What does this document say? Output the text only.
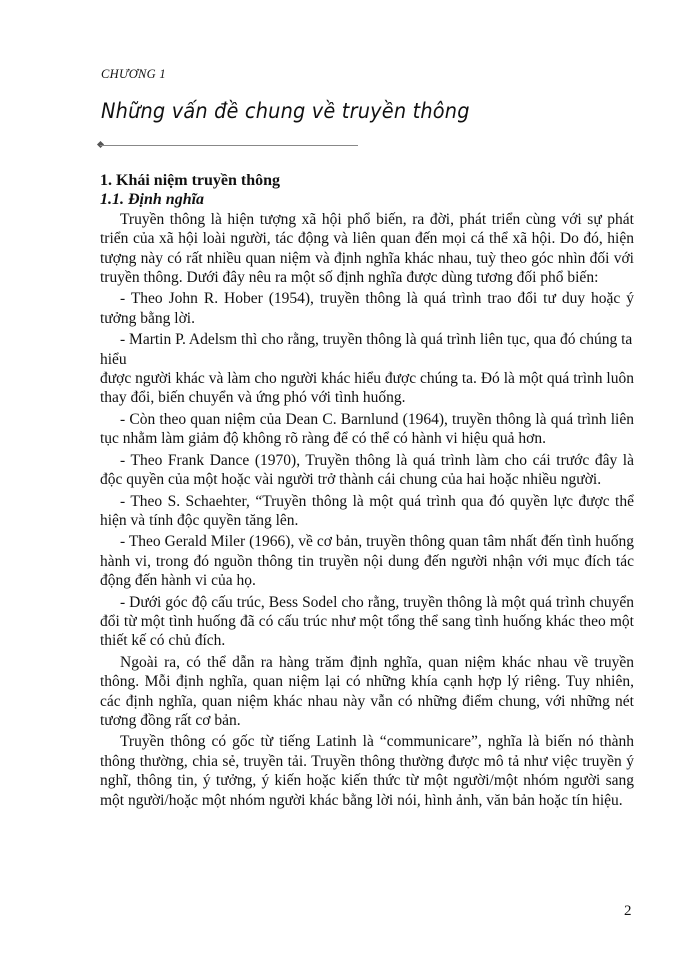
CHƯƠNG 1
Những vấn đề chung về truyền thông

1. Khái niệm truyền thông

1.1. Định nghĩa

Truyền thông là hiện tượng xã hội phổ biến, ra đời, phát triển cùng với sự phát triển của xã hội loài người, tác động và liên quan đến mọi cá thể xã hội. Do đó, hiện tượng này có rất nhiều quan niệm và định nghĩa khác nhau, tuỳ theo góc nhìn đối với truyền thông. Dưới đây nêu ra một số định nghĩa được dùng tương đối phổ biến:

- Theo John R. Hober (1954), truyền thông là quá trình trao đổi tư duy hoặc ý tưởng bằng lời.

- Martin P. Adelsm thì cho rằng, truyền thông là quá trình liên tục, qua đó chúng ta hiểu

được người khác và làm cho người khác hiểu được chúng ta. Đó là một quá trình luôn thay đổi, biến chuyển và ứng phó với tình huống.

- Còn theo quan niệm của Dean C. Barnlund (1964), truyền thông là quá trình liên tục nhằm làm giảm độ không rõ ràng để có thể có hành vi hiệu quả hơn.

- Theo Frank Dance (1970), Truyền thông là quá trình làm cho cái trước đây là độc quyền của một hoặc vài người trở thành cái chung của hai hoặc nhiều người.

- Theo S. Schaehter, “Truyền thông là một quá trình qua đó quyền lực được thể hiện và tính độc quyền tăng lên.

- Theo Gerald Miler (1966), về cơ bản, truyền thông quan tâm nhất đến tình huống hành vi, trong đó nguồn thông tin truyền nội dung đến người nhận với mục đích tác động đến hành vi của họ.

- Dưới góc độ cấu trúc, Bess Sodel cho rằng, truyền thông là một quá trình chuyển đổi từ một tình huống đã có cấu trúc như một tổng thể sang tình huống khác theo một thiết kế có chủ đích.

Ngoài ra, có thể dẫn ra hàng trăm định nghĩa, quan niệm khác nhau về truyền thông. Mỗi định nghĩa, quan niệm lại có những khía cạnh hợp lý riêng. Tuy nhiên, các định nghĩa, quan niệm khác nhau này vẫn có những điểm chung, với những nét tương đồng rất cơ bản.

Truyền thông có gốc từ tiếng Latinh là “communicare”, nghĩa là biến nó thành thông thường, chia sẻ, truyền tải. Truyền thông thường được mô tả như việc truyền ý nghĩ, thông tin, ý tưởng, ý kiến hoặc kiến thức từ một người/một nhóm người sang một người/hoặc một nhóm người khác bằng lời nói, hình ảnh, văn bản hoặc tín hiệu.

2
